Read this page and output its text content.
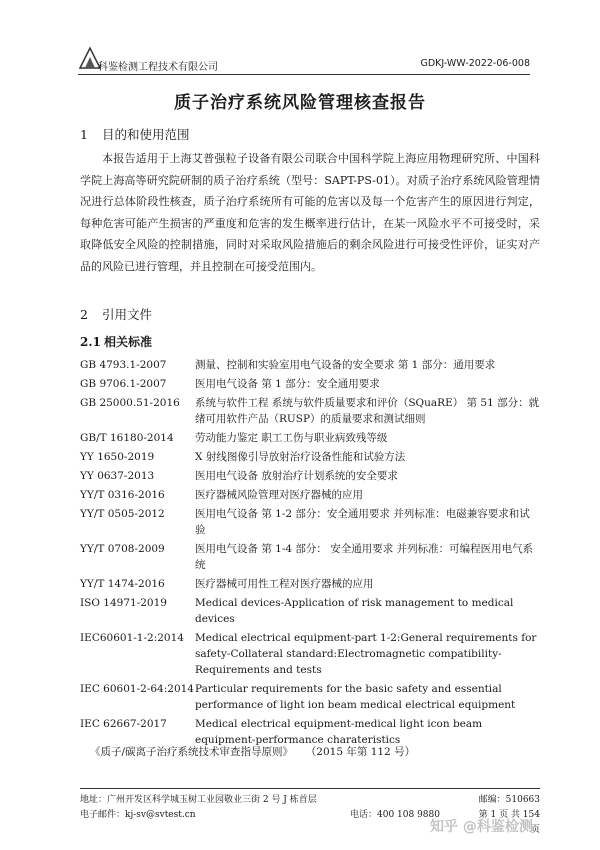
科鉴检测工程技术有限公司	GDKJ-WW-2022-06-008
质子治疗系统风险管理核查报告
1 目的和使用范围

本报告适用于上海艾普强粒子设备有限公司联合中国科学院上海应用物理研究所、中国科学院上海高等研究院研制的质子治疗系统（型号：SAPT-PS-01）。对质子治疗系统风险管理情况进行总体阶段性核查，质子治疗系统所有可能的危害以及每一个危害产生的原因进行判定，每种危害可能产生损害的严重度和危害的发生概率进行估计，在某一风险水平不可接受时，采取降低安全风险的控制措施，同时对采取风险措施后的剩余风险进行可接受性评价，证实对产品的风险已进行管理，并且控制在可接受范围内。

2 引用文件
2.1 相关标准
GB 4793.1-2007	测量、控制和实验室用电气设备的安全要求 第 1 部分：通用要求
GB 9706.1-2007	医用电气设备 第 1 部分：安全通用要求
GB 25000.51-2016	系统与软件工程 系统与软件质量要求和评价（SQuaRE） 第 51 部分：就绪可用软件产品（RUSP）的质量要求和测试细则
GB/T 16180-2014	劳动能力鉴定 职工工伤与职业病致残等级
YY 1650-2019	X 射线图像引导放射治疗设备性能和试验方法
YY 0637-2013	医用电气设备 放射治疗计划系统的安全要求
YY/T 0316-2016	医疗器械风险管理对医疗器械的应用
YY/T 0505-2012	医用电气设备 第 1-2 部分：安全通用要求 并列标准：电磁兼容要求和试验
YY/T 0708-2009	医用电气设备 第 1-4 部分： 安全通用要求 并列标准：可编程医用电气系统
YY/T 1474-2016	医疗器械可用性工程对医疗器械的应用
ISO 14971-2019	Medical devices-Application of risk management to medical devices
IEC60601-1-2:2014	Medical electrical equipment-part 1-2:General requirements for safety-Collateral standard:Electromagnetic compatibility-Requirements and tests
IEC 60601-2-64:2014 Particular requirements for the basic safety and essential performance of light ion beam medical electrical equipment
IEC 62667-2017	Medical electrical equipment-medical light icon beam equipment-performance charateristics
《质子/碳离子治疗系统技术审查指导原则》 （2015 年第 112 号）
地址：广州开发区科学城玉树工业园敬业三街 2 号 J 栋首层	邮编：510663
电子邮件：kj-sv@svtest.cn	电话：400 108 9880	第 1 页 共 154 页
知乎 @科鉴检测
